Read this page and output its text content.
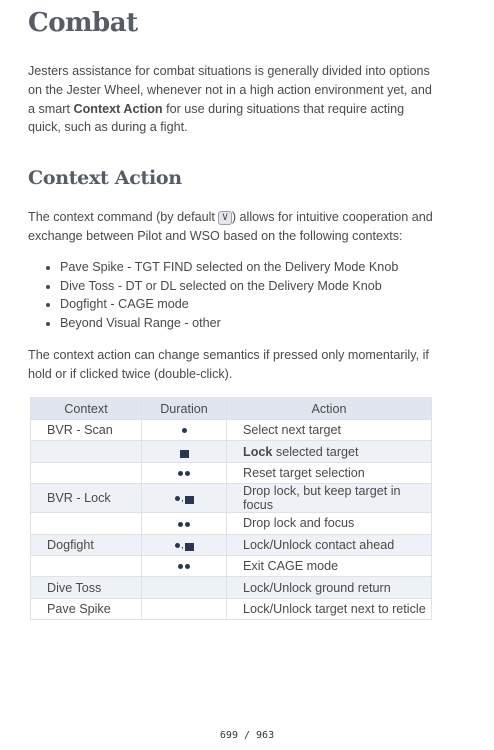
Combat

Jesters assistance for combat situations is generally divided into options on the Jester Wheel, whenever not in a high action environment yet, and a smart Context Action for use during situations that require acting quick, such as during a fight.

Context Action

The context command (by default V ) allows for intuitive cooperation and exchange between Pilot and WSO based on the following contexts:

• Pave Spike - TGT FIND selected on the Delivery Mode Knob
• Dive Toss - DT or DL selected on the Delivery Mode Knob
• Dogfight - CAGE mode
• Beyond Visual Range - other

The context action can change semantics if pressed only momentarily, if hold or if clicked twice (double-click).

Context	Duration	Action
BVR - Scan		Select next target
		Lock selected target
		Reset target selection
BVR - Lock	,	Drop lock, but keep target in focus
		Drop lock and focus
Dogfight	,	Lock/Unlock contact ahead
		Exit CAGE mode
Dive Toss		Lock/Unlock ground return
Pave Spike		Lock/Unlock target next to reticle
699 / 963
